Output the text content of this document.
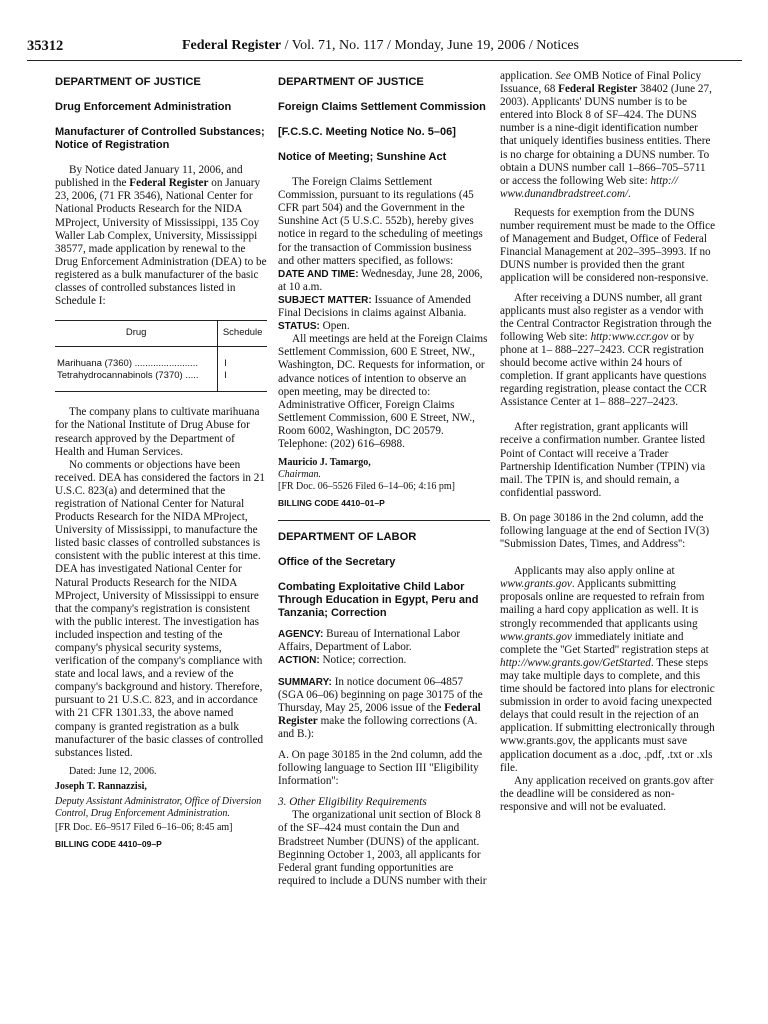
35312	Federal Register / Vol. 71, No. 117 / Monday, June 19, 2006 / Notices
DEPARTMENT OF JUSTICE
Drug Enforcement Administration
Manufacturer of Controlled Substances; Notice of Registration

By Notice dated January 11, 2006, and published in the Federal Register on January 23, 2006, (71 FR 3546), National Center for National Products Research for the NIDA MProject, University of Mississippi, 135 Coy Waller Lab Complex, University, Mississippi 38577, made application by renewal to the Drug Enforcement Administration (DEA) to be registered as a bulk manufacturer of the basic classes of controlled substances listed in Schedule I:

Drug	Schedule
Marihuana (7360) ........................	I
Tetrahydrocannabinols (7370) .....	I

The company plans to cultivate marihuana for the National Institute of Drug Abuse for research approved by the Department of Health and Human Services.

No comments or objections have been received. DEA has considered the factors in 21 U.S.C. 823(a) and determined that the registration of National Center for Natural Products Research for the NIDA MProject, University of Mississippi, to manufacture the listed basic classes of controlled substances is consistent with the public interest at this time. DEA has investigated National Center for Natural Products Research for the NIDA MProject, University of Mississippi to ensure that the company's registration is consistent with the public interest. The investigation has included inspection and testing of the company's physical security systems, verification of the company's compliance with state and local laws, and a review of the company's background and history. Therefore, pursuant to 21 U.S.C. 823, and in accordance with 21 CFR 1301.33, the above named company is granted registration as a bulk manufacturer of the basic classes of controlled substances listed.

Dated: June 12, 2006.

Joseph T. Rannazzisi,

Deputy Assistant Administrator, Office of Diversion Control, Drug Enforcement Administration.

[FR Doc. E6–9517 Filed 6–16–06; 8:45 am]

BILLING CODE 4410–09–P
DEPARTMENT OF JUSTICE
Foreign Claims Settlement Commission
[F.C.S.C. Meeting Notice No. 5–06]
Notice of Meeting; Sunshine Act

The Foreign Claims Settlement Commission, pursuant to its regulations (45 CFR part 504) and the Government in the Sunshine Act (5 U.S.C. 552b), hereby gives notice in regard to the scheduling of meetings for the transaction of Commission business and other matters specified, as follows:

DATE AND TIME: Wednesday, June 28, 2006, at 10 a.m.

SUBJECT MATTER: Issuance of Amended Final Decisions in claims against Albania.

STATUS: Open.

All meetings are held at the Foreign Claims Settlement Commission, 600 E Street, NW., Washington, DC. Requests for information, or advance notices of intention to observe an open meeting, may be directed to: Administrative Officer, Foreign Claims Settlement Commission, 600 E Street, NW., Room 6002, Washington, DC 20579. Telephone: (202) 616–6988.

Mauricio J. Tamargo,

Chairman.

[FR Doc. 06–5526 Filed 6–14–06; 4:16 pm]

BILLING CODE 4410–01–P
DEPARTMENT OF LABOR
Office of the Secretary
Combating Exploitative Child Labor Through Education in Egypt, Peru and Tanzania; Correction

AGENCY: Bureau of International Labor Affairs, Department of Labor.

ACTION: Notice; correction.

SUMMARY: In notice document 06–4857 (SGA 06–06) beginning on page 30175 of the Thursday, May 25, 2006 issue of the Federal Register make the following corrections (A. and B.):

A. On page 30185 in the 2nd column, add the following language to Section III ''Eligibility Information'':

3. Other Eligibility Requirements

The organizational unit section of Block 8 of the SF–424 must contain the Dun and Bradstreet Number (DUNS) of the applicant. Beginning October 1, 2003, all applicants for Federal grant funding opportunities are required to include a DUNS number with their

application. See OMB Notice of Final Policy Issuance, 68 Federal Register 38402 (June 27, 2003). Applicants' DUNS number is to be entered into Block 8 of SF–424. The DUNS number is a nine-digit identification number that uniquely identifies business entities. There is no charge for obtaining a DUNS number. To obtain a DUNS number call 1–866–705–5711 or access the following Web site: http:// www.dunandbradstreet.com/.

Requests for exemption from the DUNS number requirement must be made to the Office of Management and Budget, Office of Federal Financial Management at 202–395–3993. If no DUNS number is provided then the grant application will be considered non-responsive.

After receiving a DUNS number, all grant applicants must also register as a vendor with the Central Contractor Registration through the following Web site: http:www.ccr.gov or by phone at 1– 888–227–2423. CCR registration should become active within 24 hours of completion. If grant applicants have questions regarding registration, please contact the CCR Assistance Center at 1– 888–227–2423.

After registration, grant applicants will receive a confirmation number. Grantee listed Point of Contact will receive a Trader Partnership Identification Number (TPIN) via mail. The TPIN is, and should remain, a confidential password.

B. On page 30186 in the 2nd column, add the following language at the end of Section IV(3) ''Submission Dates, Times, and Address'':

Applicants may also apply online at www.grants.gov. Applicants submitting proposals online are requested to refrain from mailing a hard copy application as well. It is strongly recommended that applicants using www.grants.gov immediately initiate and complete the ''Get Started'' registration steps at http://www.grants.gov/GetStarted. These steps may take multiple days to complete, and this time should be factored into plans for electronic submission in order to avoid facing unexpected delays that could result in the rejection of an application. If submitting electronically through www.grants.gov, the applicants must save application document as a .doc, .pdf, .txt or .xls file.

Any application received on grants.gov after the deadline will be considered as non-responsive and will not be evaluated.
